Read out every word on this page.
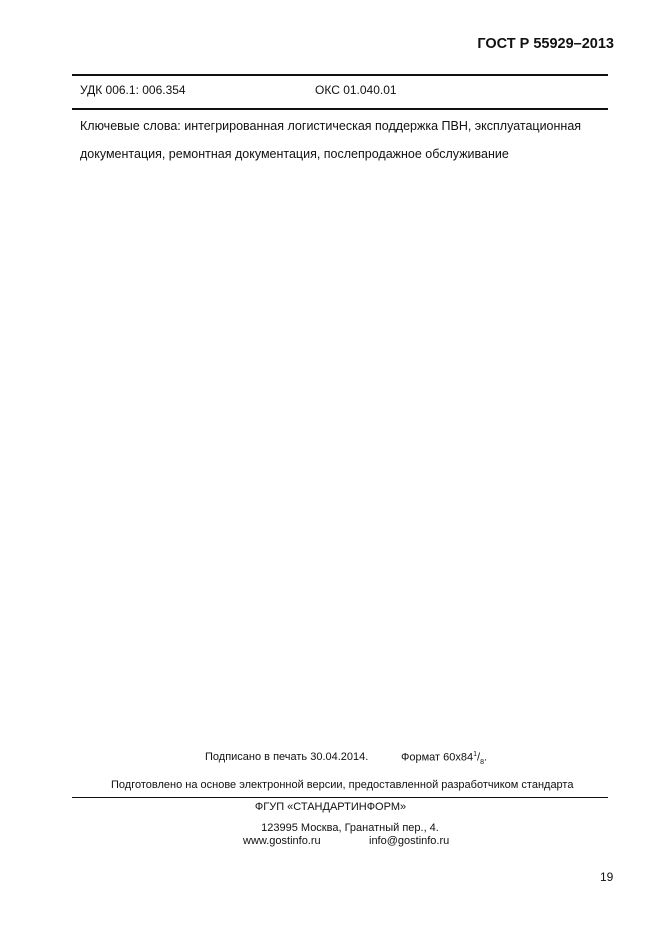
ГОСТ Р 55929–2013
УДК 006.1: 006.354	ОКС 01.040.01
Ключевые слова: интегрированная логистическая поддержка ПВН, эксплуатационная
документация, ремонтная документация, послепродажное обслуживание
Подписано в печать 30.04.2014.	Формат $60x84^1/_8$.
Подготовлено на основе электронной версии, предоставленной разработчиком стандарта
ФГУП «СТАНДАРТИНФОРМ»
123995 Москва, Гранатный пер., 4.
www.gostinfo.ru	info@gostinfo.ru
19
